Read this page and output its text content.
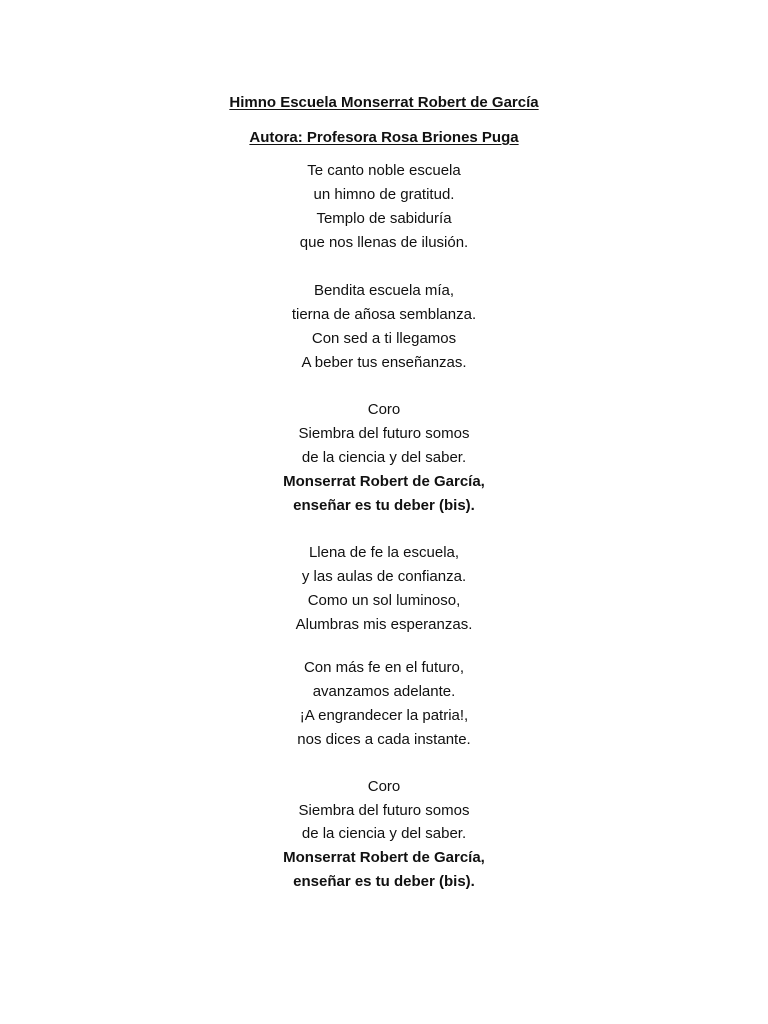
Himno Escuela Monserrat Robert de García
Autora: Profesora Rosa Briones Puga
Te canto noble escuela
un himno de gratitud.
Templo de sabiduría
que nos llenas de ilusión.
Bendita escuela mía,
tierna de añosa semblanza.
Con sed a ti llegamos
A beber tus enseñanzas.
Coro
Siembra del futuro somos
de la ciencia y del saber.
Monserrat Robert de García,
enseñar es tu deber (bis).
Llena de fe la escuela,
y las aulas de confianza.
Como un sol luminoso,
Alumbras mis esperanzas.
Con más fe en el futuro,
avanzamos adelante.
¡A engrandecer la patria!,
nos dices a cada instante.
Coro
Siembra del futuro somos
de la ciencia y del saber.
Monserrat Robert de García,
enseñar es tu deber (bis).
